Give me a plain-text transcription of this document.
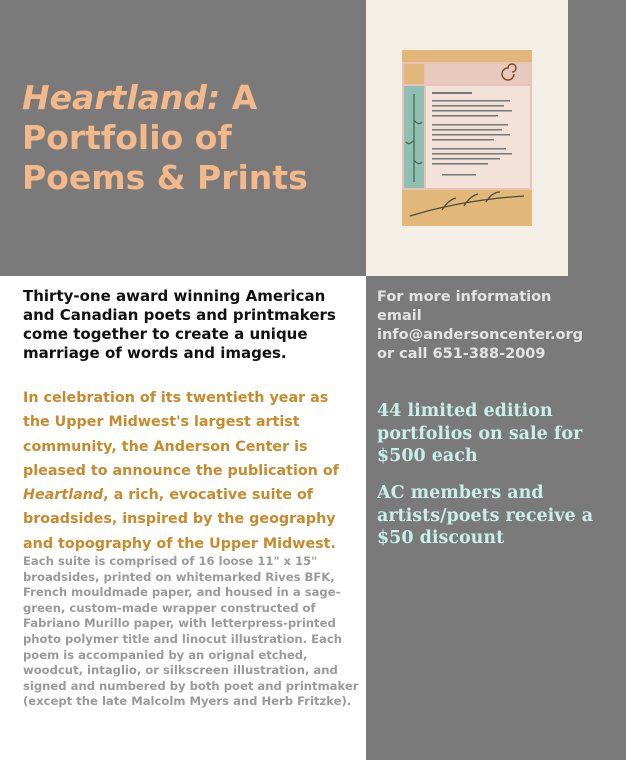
Heartland: A
Portfolio of
Poems & Prints

Thirty-one award winning American and Canadian poets and printmakers come together to create a unique marriage of words and images.

In celebration of its twentieth year as the Upper Midwest's largest artist community, the Anderson Center is pleased to announce the publication of Heartland, a rich, evocative suite of broadsides, inspired by the geography and topography of the Upper Midwest.

Each suite is comprised of 16 loose 11" x 15" broadsides, printed on whitemarked Rives BFK, French mouldmade paper, and housed in a sage-green, custom-made wrapper constructed of Fabriano Murillo paper, with letterpress-printed photo polymer title and linocut illustration. Each poem is accompanied by an orignal etched, woodcut, intaglio, or silkscreen illustration, and signed and numbered by both poet and printmaker (except the late Malcolm Myers and Herb Fritzke).

For more information
email
info@andersoncenter.org
or call 651-388-2009

44 limited edition portfolios on sale for $500 each

AC members and artists/poets receive a $50 discount
